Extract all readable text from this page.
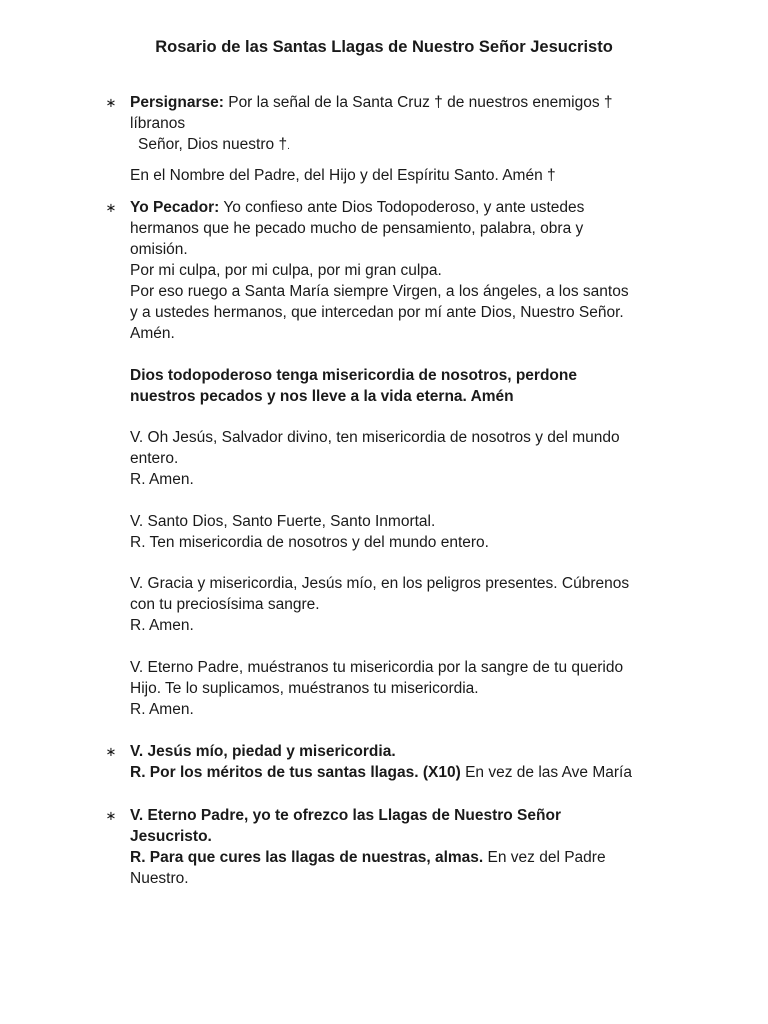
Rosario de las Santas Llagas de Nuestro Señor Jesucristo
∗ Persignarse: Por la señal de la Santa Cruz † de nuestros enemigos †
líbranos
Señor, Dios nuestro †.
En el Nombre del Padre, del Hijo y del Espíritu Santo. Amén †
∗ Yo Pecador: Yo confieso ante Dios Todopoderoso, y ante ustedes
hermanos que he pecado mucho de pensamiento, palabra, obra y
omisión.
Por mi culpa, por mi culpa, por mi gran culpa.
Por eso ruego a Santa María siempre Virgen, a los ángeles, a los santos
y a ustedes hermanos, que intercedan por mí ante Dios, Nuestro Señor.
Amén.
Dios todopoderoso tenga misericordia de nosotros, perdone
nuestros pecados y nos lleve a la vida eterna. Amén
V. Oh Jesús, Salvador divino, ten misericordia de nosotros y del mundo
entero.
R. Amen.
V. Santo Dios, Santo Fuerte, Santo Inmortal.
R. Ten misericordia de nosotros y del mundo entero.
V. Gracia y misericordia, Jesús mío, en los peligros presentes. Cúbrenos
con tu preciosísima sangre.
R. Amen.
V. Eterno Padre, muéstranos tu misericordia por la sangre de tu querido
Hijo. Te lo suplicamos, muéstranos tu misericordia.
R. Amen.
∗ V. Jesús mío, piedad y misericordia.
R. Por los méritos de tus santas llagas. (X10) En vez de las Ave María
∗ V. Eterno Padre, yo te ofrezco las Llagas de Nuestro Señor
Jesucristo.
R. Para que cures las llagas de nuestras, almas. En vez del Padre
Nuestro.
